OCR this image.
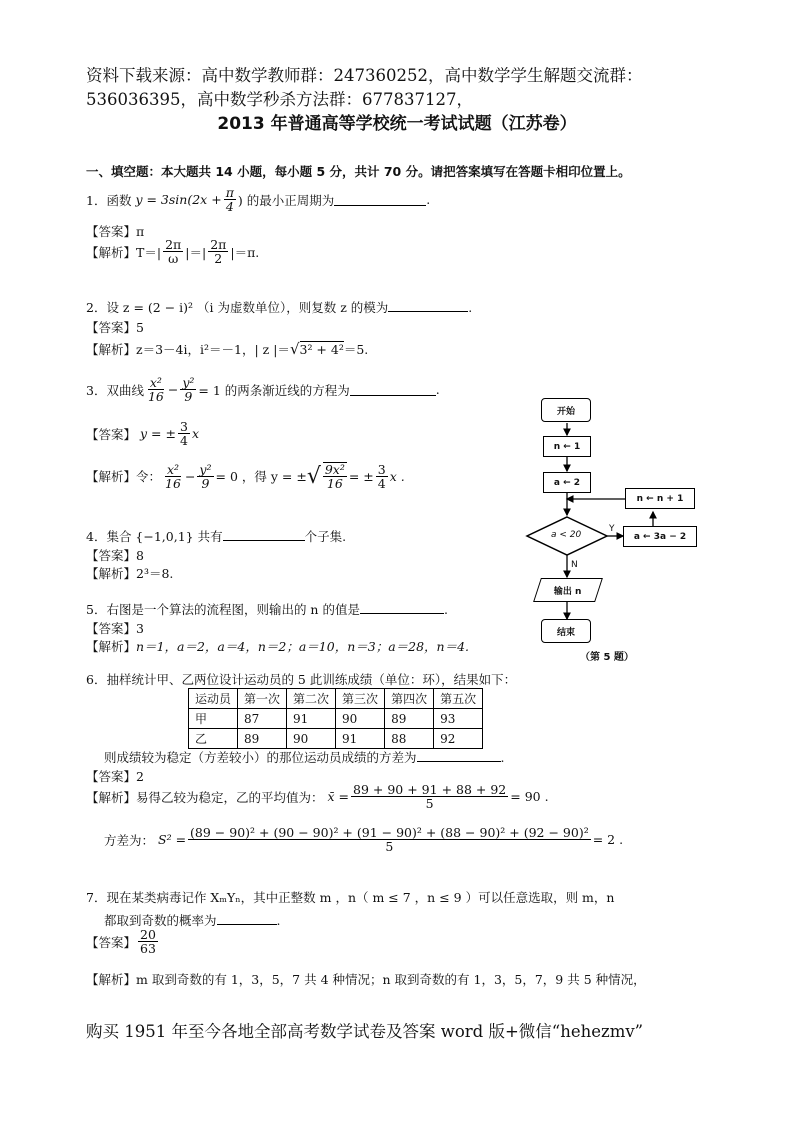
资料下载来源：高中数学教师群：247360252，高中数学学生解题交流群：
536036395，高中数学秒杀方法群：677837127，
2013 年普通高等学校统一考试试题（江苏卷）
一、填空题：本大题共 14 小题，每小题 5 分，共计 70 分。请把答案填写在答题卡相印位置上。
1．函数 $y = 3\sin(2x + \frac{\pi}{4}$ ) 的最小正周期为	.
【答案】π
【解析】 $T=| \frac{2\pi}{\omega}$ |＝| $\frac{2\pi}{2} |=\pi$.
2．设 z = (2 − i)² （i 为虚数单位），则复数 z 的模为	.
【答案】5
【解析】z＝3－4i，i²＝－1，| z |＝√3² + 4²＝5.
3．双曲线 $\frac{\text{x²}}{16} - \frac{\text{y²}}{9} = 1$ 的两条渐近线的方程为	.
【答案】 y = ± $\frac{3}{4}$ x
【解析】 令： $\frac{\text{x²}}{16} - \frac{\text{y²}}{9} = 0$ ，得 y = ± √ $\frac{\text{9x²}}{16}$ = ± $\frac{3}{4}$ x .
4．集合 {−1,0,1} 共有	个子集.
【答案】8
【解析】2³＝8.
5．右图是一个算法的流程图，则输出的 n 的值是	.
【答案】3
【解析】n＝1，a＝2，a＝4，n＝2；a＝10，n＝3；a＝28，n＝4.
开始
n ← 1
a ← 2
a < 20
Y
N
a ← 3a − 2
n ← n + 1
输出 n
结束
（第 5 题）
6．抽样统计甲、乙两位设计运动员的 5 此训练成绩（单位：环），结果如下：
运动员	第一次	第二次	第三次	第四次	第五次
甲	87	91	90	89	93
乙	89	90	91	88	92
则成绩较为稳定（方差较小）的那位运动员成绩的方差为	.
【答案】2
【解析】 易得乙较为稳定，乙的平均值为： x̄ = $\frac{89 + 90 + 91 + 88 + 92}{5} = 90$ .
方差为： S² = (89 − 90)² + (90 − 90)² + (91 − 90)² + (88 − 90)² + (92 − 90)²
5	= 2 .
7．现在某类病毒记作 XₘYₙ，其中正整数 m ，n（ m ≤ 7 ，n ≤ 9 ）可以任意选取，则 m，n
都取到奇数的概率为	.
【答案】 $\frac{20}{63}$
【解析】m 取到奇数的有 1，3，5，7 共 4 种情况；n 取到奇数的有 1，3，5，7，9 共 5 种情况，
购买 1951 年至今各地全部高考数学试卷及答案 word 版+微信“hehezmv”
